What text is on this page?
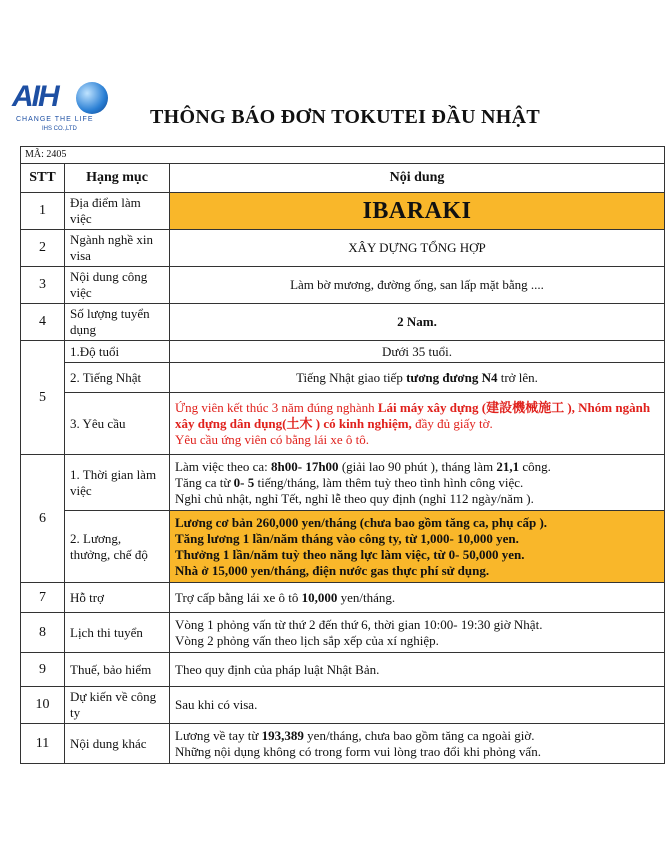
AIH
CHANGE THE LIFE
IHS CO.,LTD
THÔNG BÁO ĐƠN TOKUTEI ĐẦU NHẬT
MÃ: 2405		
STT	Hạng mục	Nội dung
1	Địa điểm làm việc	IBARAKI
2	Ngành nghề xin visa	XÂY DỰNG TỔNG HỢP
3	Nội dung công việc	Làm bờ mương, đường ống, san lấp mặt bằng ....
4	Số lượng tuyển dụng	2 Nam.
5	1.Độ tuổi	Dưới 35 tuổi.
	2. Tiếng Nhật	Tiếng Nhật giao tiếp tương đương N4 trở lên.
	3. Yêu cầu	Ứng viên kết thúc 3 năm đúng nghành Lái máy xây dựng (建設機械施工 ), Nhóm ngành xây dựng dân dụng(土木 ) có kinh nghiệm, đầy đủ giấy tờ.
Yêu cầu ứng viên có bằng lái xe ô tô.
6	1. Thời gian làm việc	Làm việc theo ca: 8h00- 17h00 (giải lao 90 phút ), tháng làm 21,1 công.
Tăng ca từ 0- 5 tiếng/tháng, làm thêm tuỳ theo tình hình công việc.
Nghỉ chủ nhật, nghỉ Tết, nghỉ lễ theo quy định (nghỉ 112 ngày/năm ).
	2. Lương, thưởng, chế độ	Lương cơ bản 260,000 yen/tháng (chưa bao gồm tăng ca, phụ cấp ).
Tăng lương 1 lần/năm tháng vào công ty, từ 1,000- 10,000 yen.
Thưởng 1 lần/năm tuỳ theo năng lực làm việc, từ 0- 50,000 yen.
Nhà ở 15,000 yen/tháng, điện nước gas thực phí sử dụng.
7	Hỗ trợ	Trợ cấp bằng lái xe ô tô 10,000 yen/tháng.
8	Lịch thi tuyển	Vòng 1 phỏng vấn từ thứ 2 đến thứ 6, thời gian 10:00- 19:30 giờ Nhật.
Vòng 2 phỏng vấn theo lịch sắp xếp của xí nghiệp.
9	Thuế, bảo hiểm	Theo quy định của pháp luật Nhật Bản.
10	Dự kiến về công ty	Sau khi có visa.
11	Nội dung khác	Lương về tay từ 193,389 yen/tháng, chưa bao gồm tăng ca ngoài giờ.
Những nội dụng không có trong form vui lòng trao đổi khi phỏng vấn.
